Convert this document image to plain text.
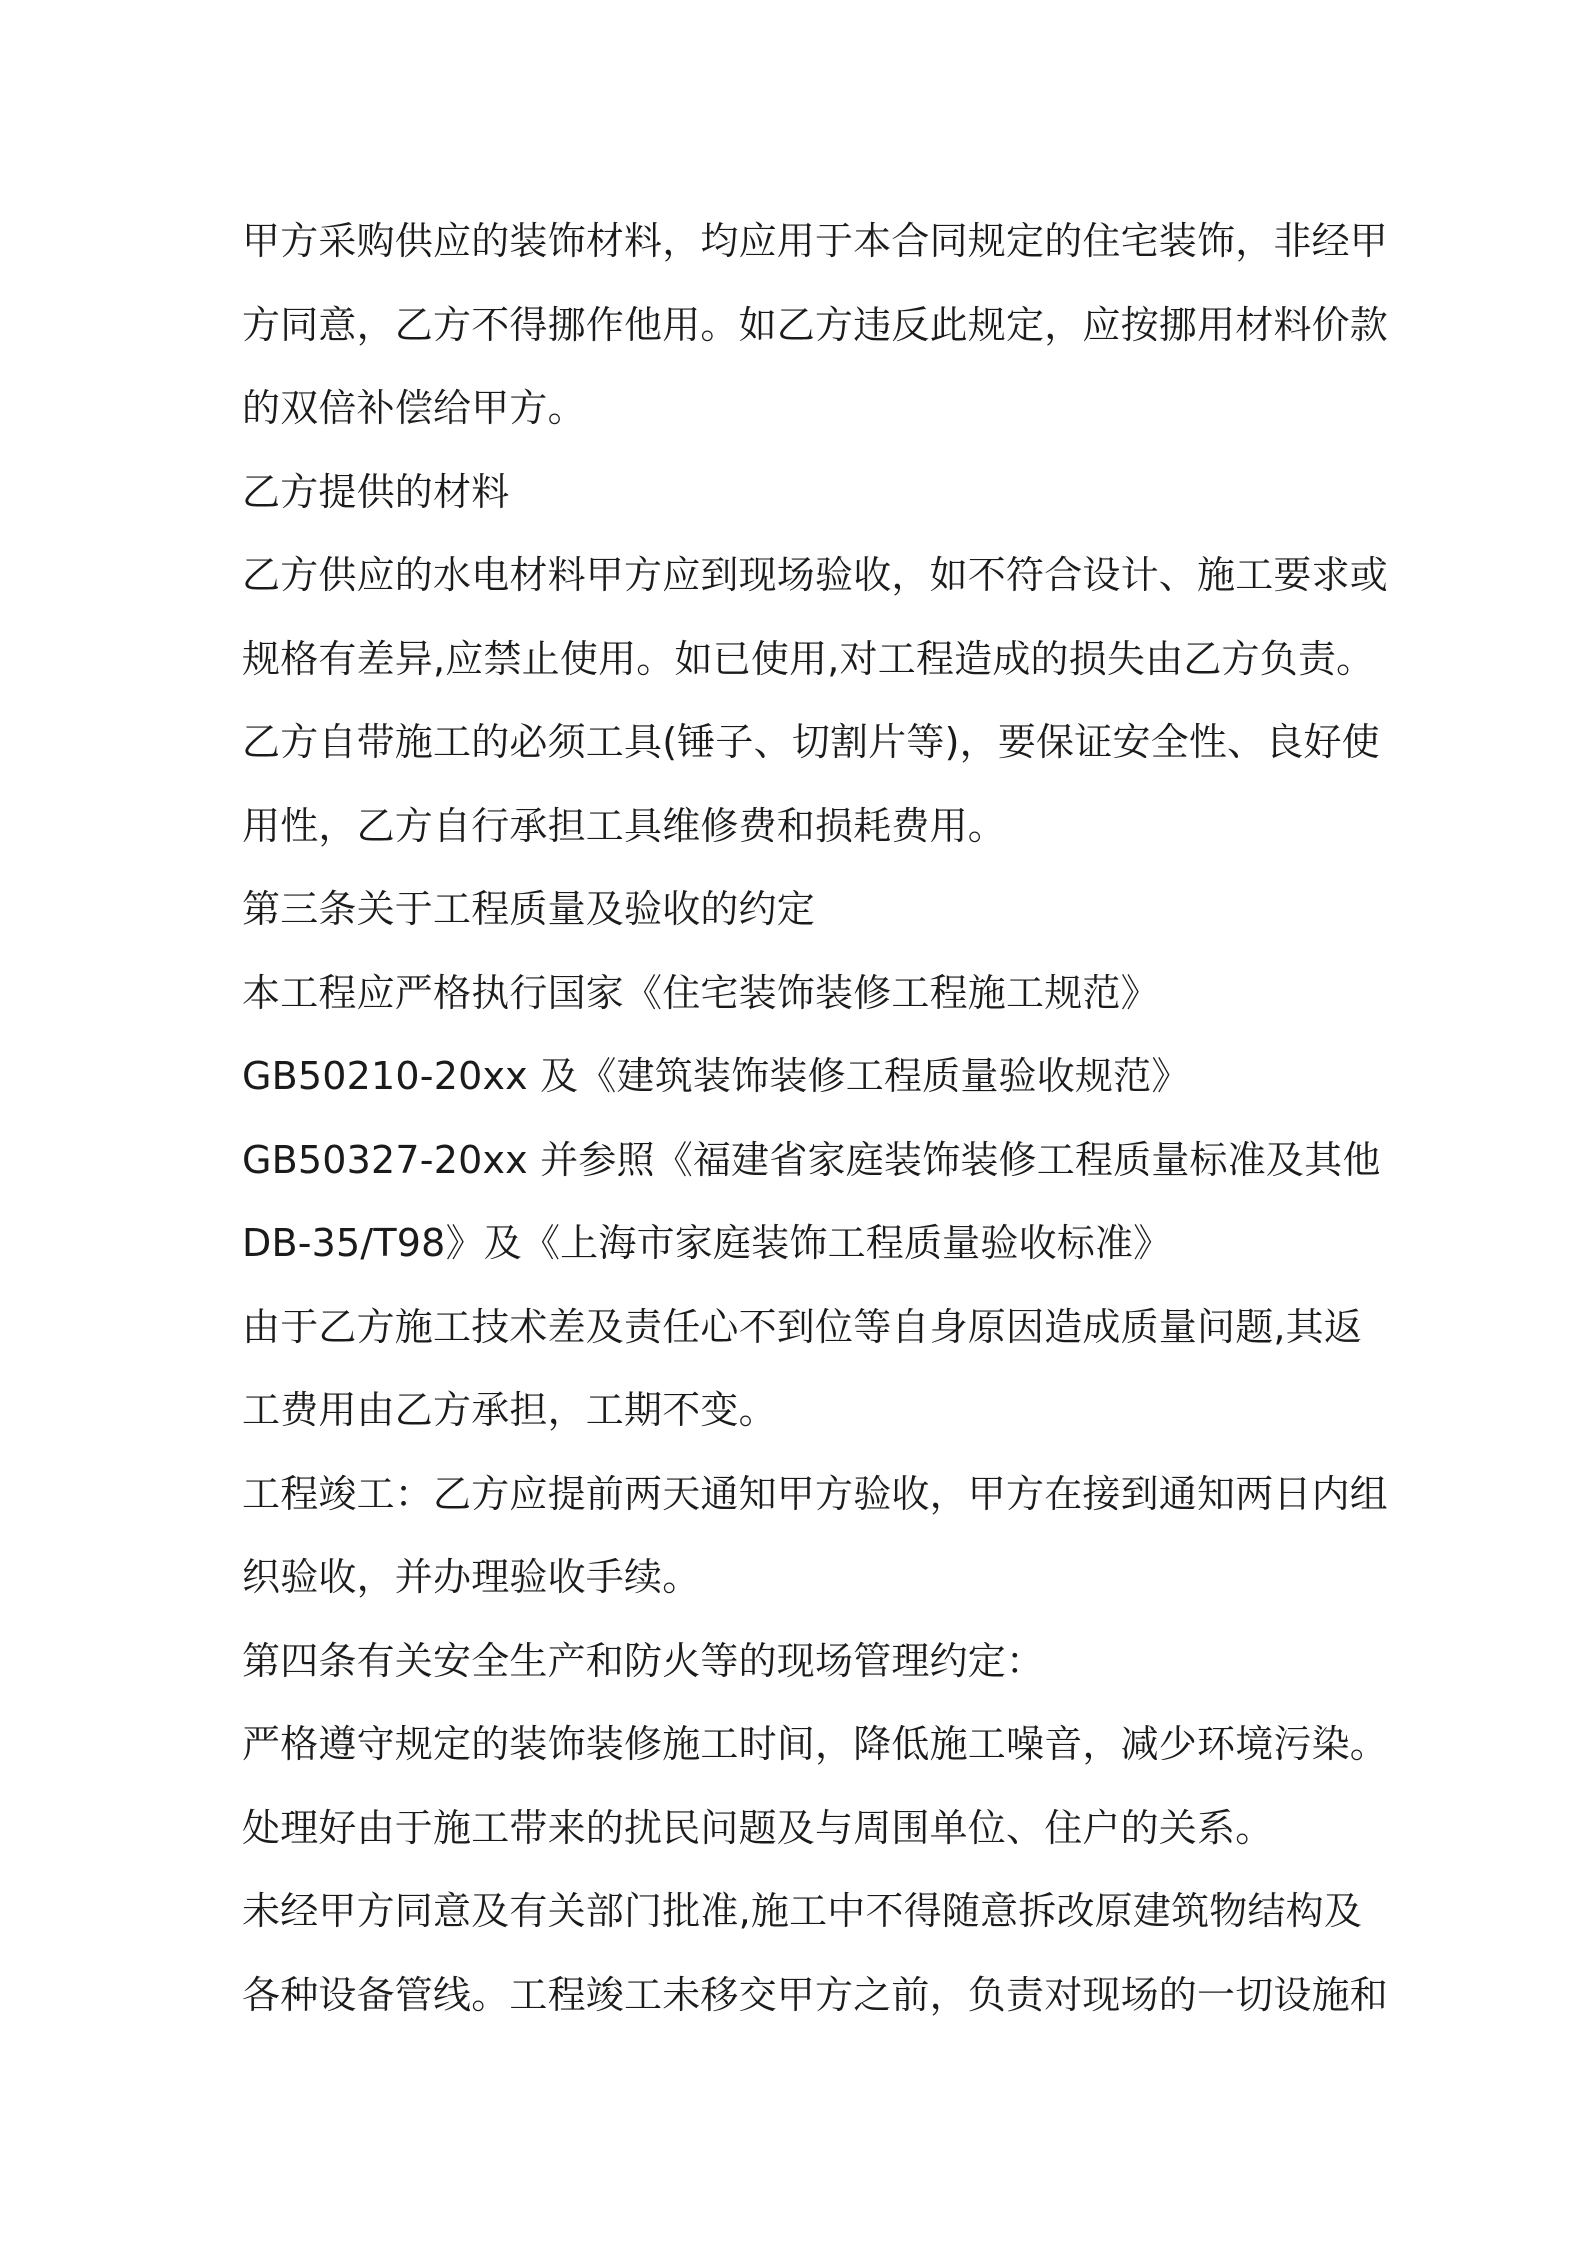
甲方采购供应的装饰材料，均应用于本合同规定的住宅装饰，非经甲
方同意，乙方不得挪作他用。如乙方违反此规定，应按挪用材料价款
的双倍补偿给甲方。
乙方提供的材料
乙方供应的水电材料甲方应到现场验收，如不符合设计、施工要求或
规格有差异,应禁止使用。如已使用,对工程造成的损失由乙方负责。
乙方自带施工的必须工具(锤子、切割片等)，要保证安全性、良好使
用性，乙方自行承担工具维修费和损耗费用。
第三条关于工程质量及验收的约定
本工程应严格执行国家《住宅装饰装修工程施工规范》
GB50210-20xx 及《建筑装饰装修工程质量验收规范》
GB50327-20xx 并参照《福建省家庭装饰装修工程质量标准及其他
DB-35/T98》及《上海市家庭装饰工程质量验收标准》
由于乙方施工技术差及责任心不到位等自身原因造成质量问题,其返
工费用由乙方承担，工期不变。
工程竣工：乙方应提前两天通知甲方验收，甲方在接到通知两日内组
织验收，并办理验收手续。
第四条有关安全生产和防火等的现场管理约定：
严格遵守规定的装饰装修施工时间，降低施工噪音，减少环境污染。
处理好由于施工带来的扰民问题及与周围单位、住户的关系。
未经甲方同意及有关部门批准,施工中不得随意拆改原建筑物结构及
各种设备管线。工程竣工未移交甲方之前，负责对现场的一切设施和
